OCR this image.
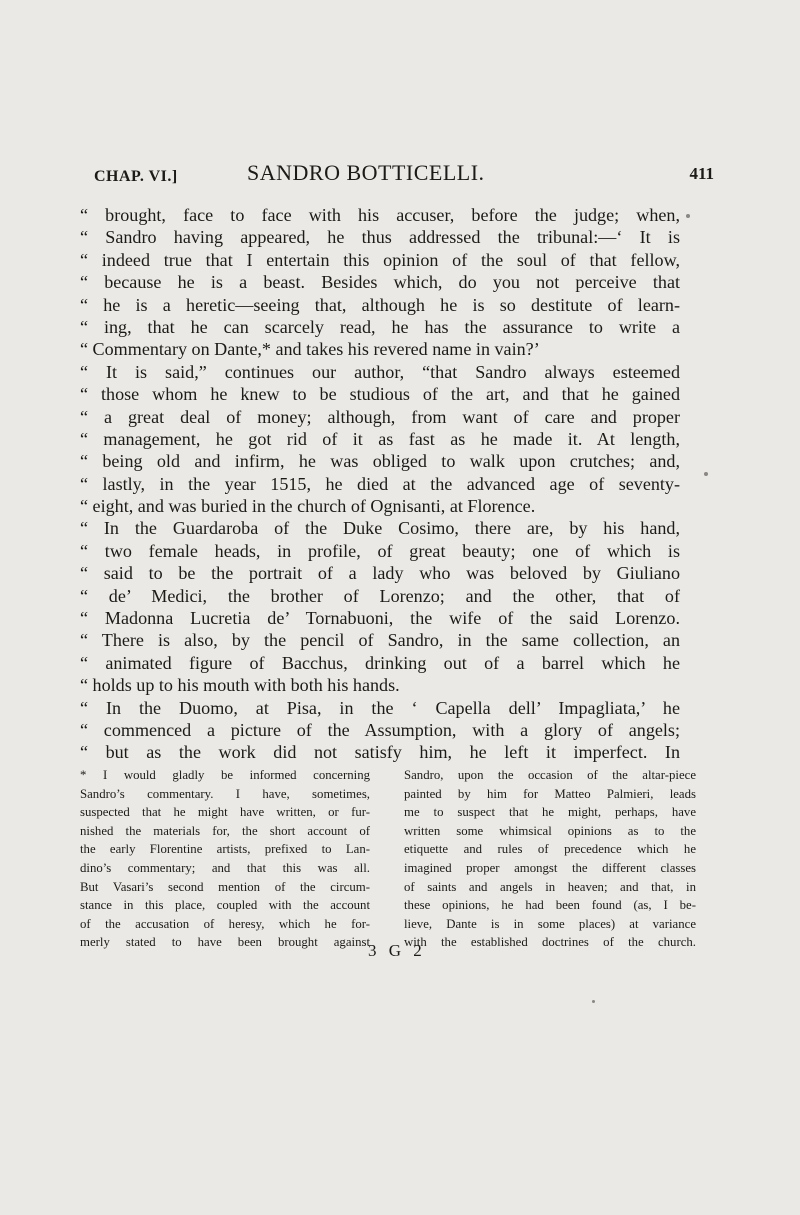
CHAP. VI.]	SANDRO BOTTICELLI.	411
“ brought, face to face with his accuser, before the judge; when,
“ Sandro having appeared, he thus addressed the tribunal:—‘ It is
“ indeed true that I entertain this opinion of the soul of that fellow,
“ because he is a beast. Besides which, do you not perceive that
“ he is a heretic—seeing that, although he is so destitute of learn-
“ ing, that he can scarcely read, he has the assurance to write a
“ Commentary on Dante,* and takes his revered name in vain?’
“ It is said,” continues our author, “that Sandro always esteemed
“ those whom he knew to be studious of the art, and that he gained
“ a great deal of money; although, from want of care and proper
“ management, he got rid of it as fast as he made it. At length,
“ being old and infirm, he was obliged to walk upon crutches; and,
“ lastly, in the year 1515, he died at the advanced age of seventy-
“ eight, and was buried in the church of Ognisanti, at Florence.
“ In the Guardaroba of the Duke Cosimo, there are, by his hand,
“ two female heads, in profile, of great beauty; one of which is
“ said to be the portrait of a lady who was beloved by Giuliano
“ de’ Medici, the brother of Lorenzo; and the other, that of
“ Madonna Lucretia de’ Tornabuoni, the wife of the said Lorenzo.
“ There is also, by the pencil of Sandro, in the same collection, an
“ animated figure of Bacchus, drinking out of a barrel which he
“ holds up to his mouth with both his hands.
“ In the Duomo, at Pisa, in the ‘ Capella dell’ Impagliata,’ he
“ commenced a picture of the Assumption, with a glory of angels;
“ but as the work did not satisfy him, he left it imperfect. In
* I would gladly be informed concerning
Sandro’s commentary. I have, sometimes,
suspected that he might have written, or fur-
nished the materials for, the short account of
the early Florentine artists, prefixed to Lan-
dino’s commentary; and that this was all.
But Vasari’s second mention of the circum-
stance in this place, coupled with the account
of the accusation of heresy, which he for-
merly stated to have been brought against
Sandro, upon the occasion of the altar-piece
painted by him for Matteo Palmieri, leads
me to suspect that he might, perhaps, have
written some whimsical opinions as to the
etiquette and rules of precedence which he
imagined proper amongst the different classes
of saints and angels in heaven; and that, in
these opinions, he had been found (as, I be-
lieve, Dante is in some places) at variance
with the established doctrines of the church.
3 G 2
